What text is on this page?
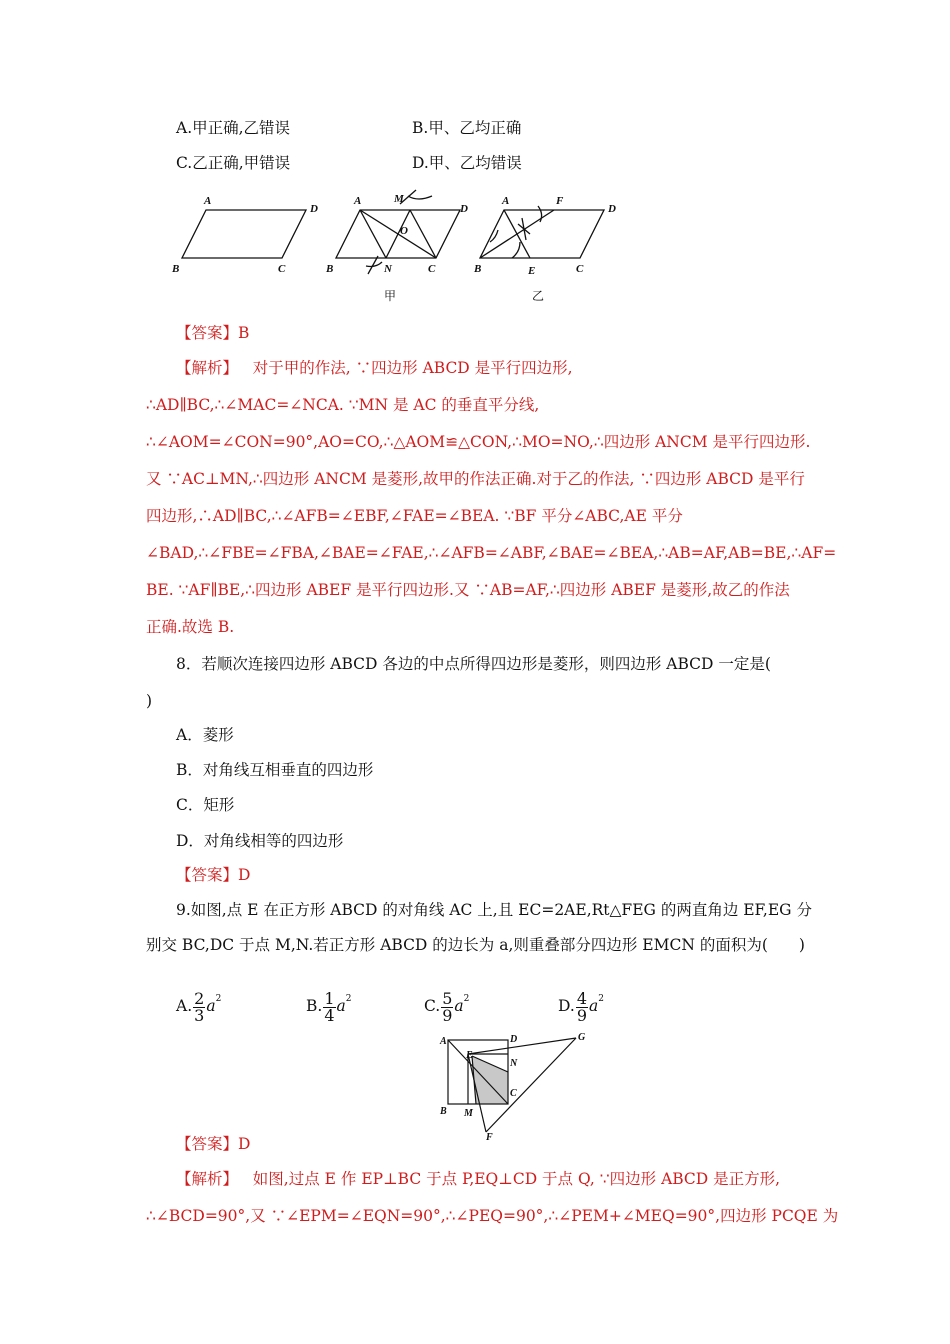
A.甲正确,乙错误	B.甲、乙均正确
C.乙正确,甲错误	D.甲、乙均错误
A
D
B	C
A	M
D
O
B	N	C
A	F
D
B	E	C
甲	乙
【答案】B
【解析】 对于甲的作法, ∵四边形 ABCD 是平行四边形,
∴AD∥BC,∴∠MAC=∠NCA. ∵MN 是 AC 的垂直平分线,
∴∠AOM=∠CON=90°,AO=CO,∴△AOM≌△CON,∴MO=NO,∴四边形 ANCM 是平行四边形.
又 ∵AC⊥MN,∴四边形 ANCM 是菱形,故甲的作法正确.对于乙的作法, ∵四边形 ABCD 是平行
四边形,∴AD∥BC,∴∠AFB=∠EBF,∠FAE=∠BEA. ∵BF 平分∠ABC,AE 平分
∠BAD,∴∠FBE=∠FBA,∠BAE=∠FAE,∴∠AFB=∠ABF,∠BAE=∠BEA,∴AB=AF,AB=BE,∴AF=
BE. ∵AF∥BE,∴四边形 ABEF 是平行四边形.又 ∵AB=AF,∴四边形 ABEF 是菱形,故乙的作法
正确.故选 B.
8．若顺次连接四边形 ABCD 各边的中点所得四边形是菱形，则四边形 ABCD 一定是(
)
A．菱形
B．对角线互相垂直的四边形
C．矩形
D．对角线相等的四边形
【答案】D
9.如图,点 E 在正方形 ABCD 的对角线 AC 上,且 EC=2AE,Rt△FEG 的两直角边 EF,EG 分
别交 BC,DC 于点 M,N.若正方形 ABCD 的边长为 a,则重叠部分四边形 EMCN 的面积为(　　)
A. $\frac{2}{3} a^2$	B. $\frac{1}{4} a^2$	C. $\frac{5}{9} a^2$	D. $\frac{4}{9} a^2$
A	D	G
E
N
C
B M
F
【答案】D
【解析】 如图,过点 E 作 EP⊥BC 于点 P,EQ⊥CD 于点 Q, ∵四边形 ABCD 是正方形,
∴∠BCD=90°,又 ∵∠EPM=∠EQN=90°,∴∠PEQ=90°,∴∠PEM+∠MEQ=90°,四边形 PCQE 为
